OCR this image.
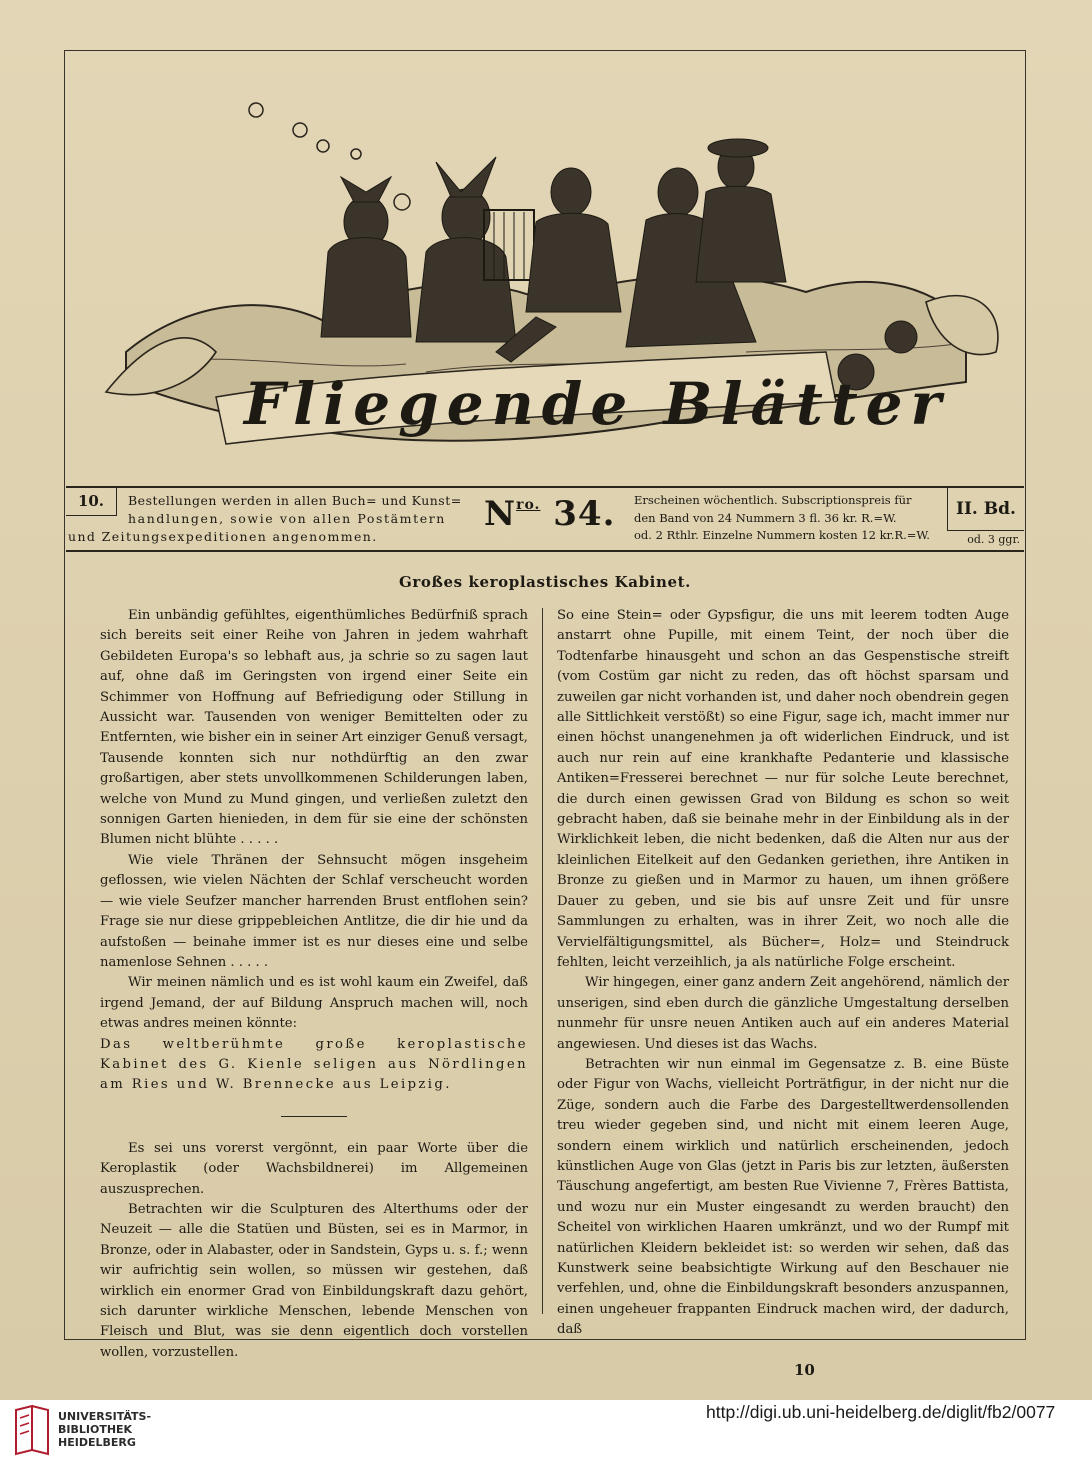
Fliegende Blätter
10.	Bestellungen werden in allen Buch= und Kunst=
handlungen, sowie von allen Postämtern
und Zeitungsexpeditionen angenommen.
$N^{ro.}$ 34. Erscheinen wöchentlich. Subscriptionspreis für
den Band von 24 Nummern 3 fl. 36 kr. R.=W.
od. 2 Rthlr. Einzelne Nummern kosten 12 kr.R.=W.
II. Bd.
od. 3 ggr.
Großes keroplastisches Kabinet.

Ein unbändig gefühltes, eigenthümliches Bedürfniß sprach sich bereits seit einer Reihe von Jahren in jedem wahrhaft Gebildeten Europa's so lebhaft aus, ja schrie so zu sagen laut auf, ohne daß im Geringsten von irgend einer Seite ein Schimmer von Hoffnung auf Befriedigung oder Stillung in Aussicht war. Tausenden von weniger Bemittelten oder zu Entfernten, wie bisher ein in seiner Art einziger Genuß versagt, Tausende konnten sich nur nothdürftig an den zwar großartigen, aber stets unvollkommenen Schilderungen laben, welche von Mund zu Mund gingen, und verließen zuletzt den sonnigen Garten hienieden, in dem für sie eine der schönsten Blumen nicht blühte . . . . .

Wie viele Thränen der Sehnsucht mögen insgeheim geflossen, wie vielen Nächten der Schlaf verscheucht worden — wie viele Seufzer mancher harrenden Brust entflohen sein? Frage sie nur diese grippebleichen Antlitze, die dir hie und da aufstoßen — beinahe immer ist es nur dieses eine und selbe namenlose Sehnen . . . . .

Wir meinen nämlich und es ist wohl kaum ein Zweifel, daß irgend Jemand, der auf Bildung Anspruch machen will, noch etwas andres meinen könnte:

Das weltberühmte große keroplastische Kabinet des G. Kienle seligen aus Nördlingen am Ries und W. Brennecke aus Leipzig.

Es sei uns vorerst vergönnt, ein paar Worte über die Keroplastik (oder Wachsbildnerei) im Allgemeinen auszusprechen.

Betrachten wir die Sculpturen des Alterthums oder der Neuzeit — alle die Statüen und Büsten, sei es in Marmor, in Bronze, oder in Alabaster, oder in Sandstein, Gyps u. s. f.; wenn wir aufrichtig sein wollen, so müssen wir gestehen, daß wirklich ein enormer Grad von Einbildungskraft dazu gehört, sich darunter wirkliche Menschen, lebende Menschen von Fleisch und Blut, was sie denn eigentlich doch vorstellen wollen, vorzustellen.

So eine Stein= oder Gypsfigur, die uns mit leerem todten Auge anstarrt ohne Pupille, mit einem Teint, der noch über die Todtenfarbe hinausgeht und schon an das Gespenstische streift (vom Costüm gar nicht zu reden, das oft höchst sparsam und zuweilen gar nicht vorhanden ist, und daher noch obendrein gegen alle Sittlichkeit verstößt) so eine Figur, sage ich, macht immer nur einen höchst unangenehmen ja oft widerlichen Eindruck, und ist auch nur rein auf eine krankhafte Pedanterie und klassische Antiken=Fresserei berechnet — nur für solche Leute berechnet, die durch einen gewissen Grad von Bildung es schon so weit gebracht haben, daß sie beinahe mehr in der Einbildung als in der Wirklichkeit leben, die nicht bedenken, daß die Alten nur aus der kleinlichen Eitelkeit auf den Gedanken geriethen, ihre Antiken in Bronze zu gießen und in Marmor zu hauen, um ihnen größere Dauer zu geben, und sie bis auf unsre Zeit und für unsre Sammlungen zu erhalten, was in ihrer Zeit, wo noch alle die Vervielfältigungsmittel, als Bücher=, Holz= und Steindruck fehlten, leicht verzeihlich, ja als natürliche Folge erscheint.

Wir hingegen, einer ganz andern Zeit angehörend, nämlich der unserigen, sind eben durch die gänzliche Umgestaltung derselben nunmehr für unsre neuen Antiken auch auf ein anderes Material angewiesen. Und dieses ist das Wachs.

Betrachten wir nun einmal im Gegensatze z. B. eine Büste oder Figur von Wachs, vielleicht Porträtfigur, in der nicht nur die Züge, sondern auch die Farbe des Dargestelltwerdensollenden treu wieder gegeben sind, und nicht mit einem leeren Auge, sondern einem wirklich und natürlich erscheinenden, jedoch künstlichen Auge von Glas (jetzt in Paris bis zur letzten, äußersten Täuschung angefertigt, am besten Rue Vivienne 7, Frères Battista, und wozu nur ein Muster eingesandt zu werden braucht) den Scheitel von wirklichen Haaren umkränzt, und wo der Rumpf mit natürlichen Kleidern bekleidet ist: so werden wir sehen, daß das Kunstwerk seine beabsichtigte Wirkung auf den Beschauer nie verfehlen, und, ohne die Einbildungskraft besonders anzuspannen, einen ungeheuer frappanten Eindruck machen wird, der dadurch, daß

10
UNIVERSITÄTS-
BIBLIOTHEK
HEIDELBERG
http://digi.ub.uni-heidelberg.de/diglit/fb2/0077
